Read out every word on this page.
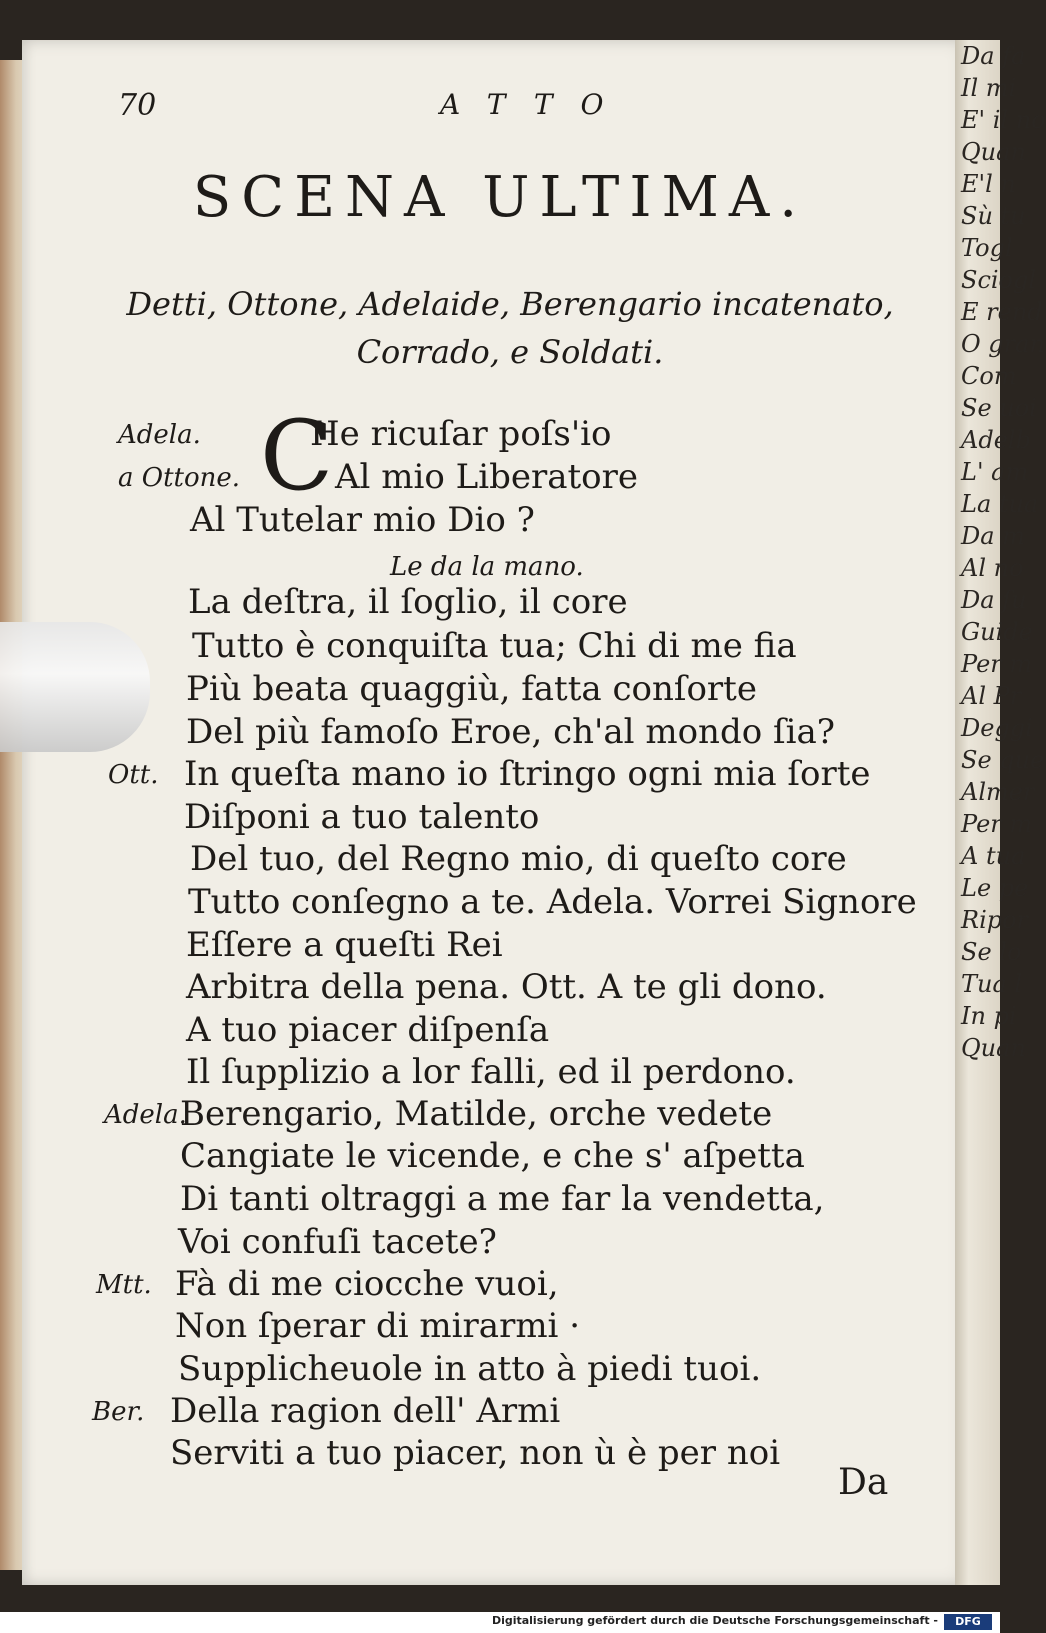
Da fa
Il mi
E' il no
Quan
E'l n
Sù tu
Togl
Sciogl
E rend
O gran
Com
Se uoi
Adelb
L' am
La tua
Da m
Al no
Da ſu
Guide
Per m
Al Pr
Deggi
Se que
Almer
Per m
A tua
Le pe
Ripor
Se lo
Tua l
In pi
Quan
70	ATTO
SCENA ULTIMA.
Detti, Ottone, Adelaide, Berengario incatenato,
Corrado, e Soldati.
C
Adela.	He ricuſar poſs'io
a Ottone.	Al mio Liberatore
Al Tutelar mio Dio ?
Le da la mano.
La deſtra, il ſoglio, il core
Tutto è conquiſta tua; Chi di me fia
Più beata quaggiù, fatta conſorte
Del più famoſo Eroe, ch'al mondo ſia?
Ott. In queſta mano io ſtringo ogni mia ſorte
Diſponi a tuo talento
Del tuo, del Regno mio, di queſto core
Tutto conſegno a te. Adela. Vorrei Signore
Eſſere a queſti Rei
Arbitra della pena. Ott. A te gli dono.
A tuo piacer diſpenſa
Il ſupplizio a lor falli, ed il perdono.
Adela.
Berengario, Matilde, orche vedete
Cangiate le vicende, e che s' aſpetta
Di tanti oltraggi a me far la vendetta,
Voi confuſi tacete?
Mtt. Fà di me ciocche vuoi,
Non ſperar di mirarmi ·
Supplicheuole in atto à piedi tuoi.
Ber. Della ragion dell' Armi
Serviti a tuo piacer, non ù è per noi
Da
Digitalisierung gefördert durch die Deutsche Forschungsgemeinschaft -	DFG
